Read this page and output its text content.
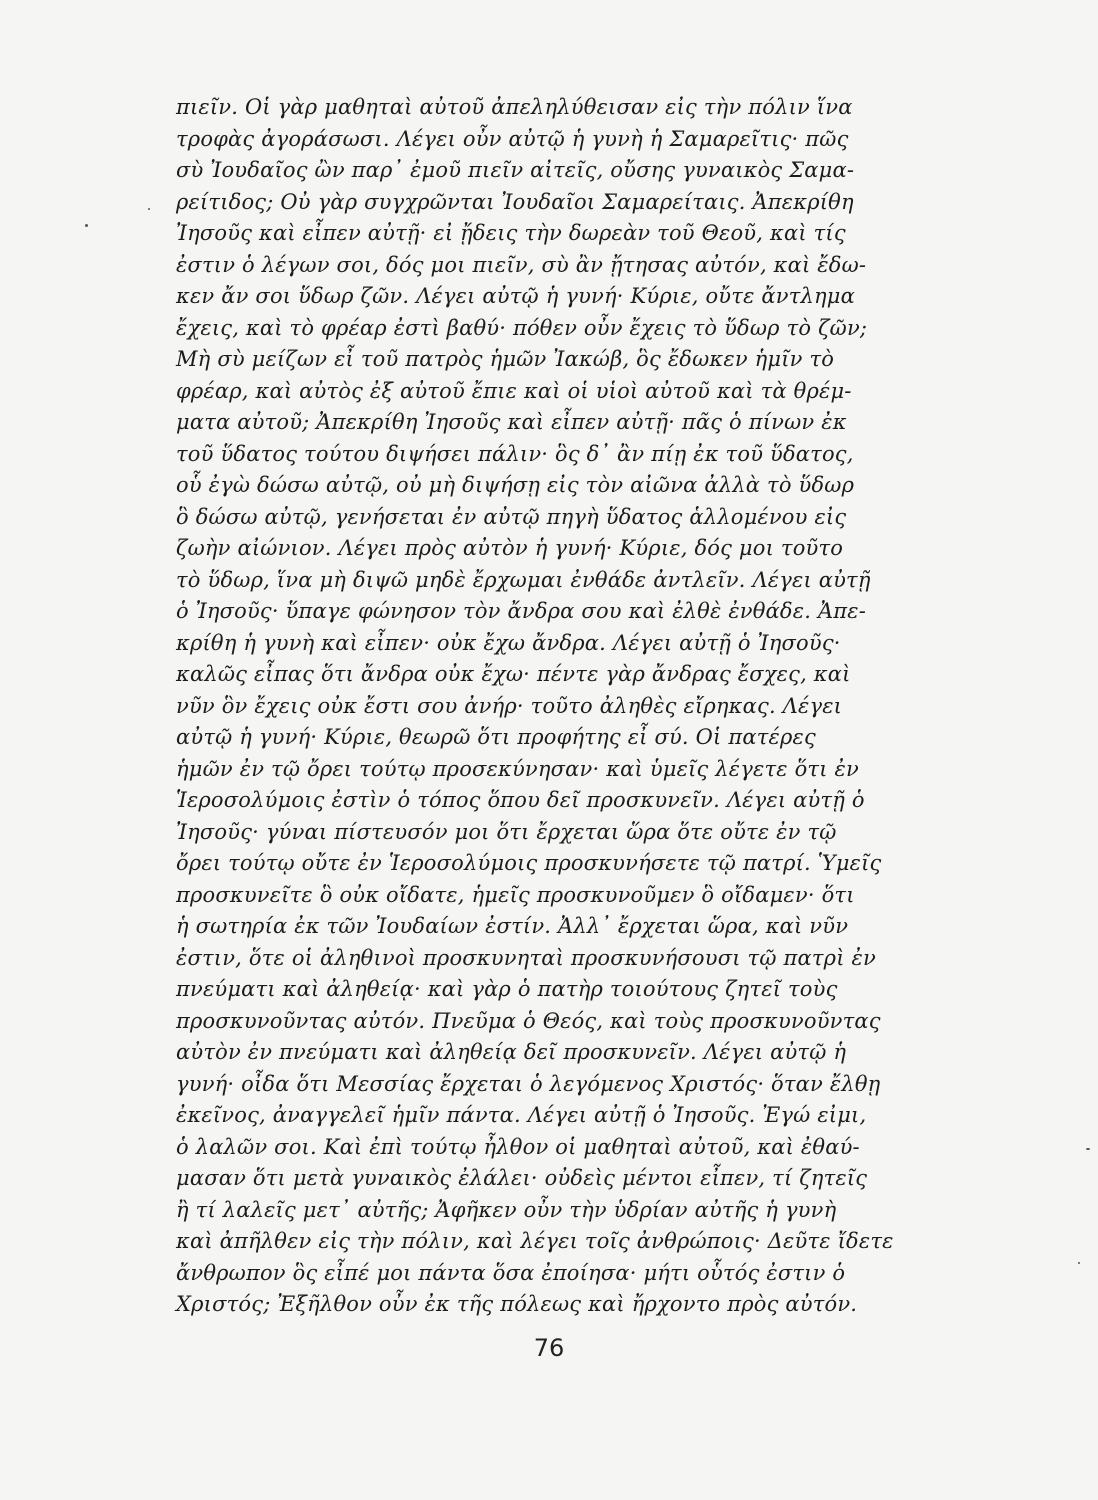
πιεῖν. Οἱ γὰρ μαθηταὶ αὐτοῦ ἀπεληλύθεισαν εἰς τὴν πόλιν ἵνα
τροφὰς ἀγοράσωσι. Λέγει οὖν αὐτῷ ἡ γυνὴ ἡ Σαμαρεῖτις· πῶς
σὺ Ἰουδαῖος ὢν παρ᾽ ἐμοῦ πιεῖν αἰτεῖς, οὔσης γυναικὸς Σαμα-
ρείτιδος; Οὐ γὰρ συγχρῶνται Ἰουδαῖοι Σαμαρείταις. Ἀπεκρίθη
Ἰησοῦς καὶ εἶπεν αὐτῇ· εἰ ᾔδεις τὴν δωρεὰν τοῦ Θεοῦ, καὶ τίς
ἐστιν ὁ λέγων σοι, δός μοι πιεῖν, σὺ ἂν ᾔτησας αὐτόν, καὶ ἔδω-
κεν ἄν σοι ὕδωρ ζῶν. Λέγει αὐτῷ ἡ γυνή· Κύριε, οὔτε ἄντλημα
ἔχεις, καὶ τὸ φρέαρ ἐστὶ βαθύ· πόθεν οὖν ἔχεις τὸ ὕδωρ τὸ ζῶν;
Μὴ σὺ μείζων εἶ τοῦ πατρὸς ἡμῶν Ἰακώβ, ὃς ἔδωκεν ἡμῖν τὸ
φρέαρ, καὶ αὐτὸς ἐξ αὐτοῦ ἔπιε καὶ οἱ υἱοὶ αὐτοῦ καὶ τὰ θρέμ-
ματα αὐτοῦ; Ἀπεκρίθη Ἰησοῦς καὶ εἶπεν αὐτῇ· πᾶς ὁ πίνων ἐκ
τοῦ ὕδατος τούτου διψήσει πάλιν· ὃς δ᾽ ἂν πίῃ ἐκ τοῦ ὕδατος,
οὗ ἐγὼ δώσω αὐτῷ, οὐ μὴ διψήσῃ εἰς τὸν αἰῶνα ἀλλὰ τὸ ὕδωρ
ὃ δώσω αὐτῷ, γενήσεται ἐν αὐτῷ πηγὴ ὕδατος ἁλλομένου εἰς
ζωὴν αἰώνιον. Λέγει πρὸς αὐτὸν ἡ γυνή· Κύριε, δός μοι τοῦτο
τὸ ὕδωρ, ἵνα μὴ διψῶ μηδὲ ἔρχωμαι ἐνθάδε ἀντλεῖν. Λέγει αὐτῇ
ὁ Ἰησοῦς· ὕπαγε φώνησον τὸν ἄνδρα σου καὶ ἐλθὲ ἐνθάδε. Ἀπε-
κρίθη ἡ γυνὴ καὶ εἶπεν· οὐκ ἔχω ἄνδρα. Λέγει αὐτῇ ὁ Ἰησοῦς·
καλῶς εἶπας ὅτι ἄνδρα οὐκ ἔχω· πέντε γὰρ ἄνδρας ἔσχες, καὶ
νῦν ὃν ἔχεις οὐκ ἔστι σου ἀνήρ· τοῦτο ἀληθὲς εἴρηκας. Λέγει
αὐτῷ ἡ γυνή· Κύριε, θεωρῶ ὅτι προφήτης εἶ σύ. Οἱ πατέρες
ἡμῶν ἐν τῷ ὄρει τούτῳ προσεκύνησαν· καὶ ὑμεῖς λέγετε ὅτι ἐν
Ἱεροσολύμοις ἐστὶν ὁ τόπος ὅπου δεῖ προσκυνεῖν. Λέγει αὐτῇ ὁ
Ἰησοῦς· γύναι πίστευσόν μοι ὅτι ἔρχεται ὥρα ὅτε οὔτε ἐν τῷ
ὄρει τούτῳ οὔτε ἐν Ἱεροσολύμοις προσκυνήσετε τῷ πατρί. Ὑμεῖς
προσκυνεῖτε ὃ οὐκ οἴδατε, ἡμεῖς προσκυνοῦμεν ὃ οἴδαμεν· ὅτι
ἡ σωτηρία ἐκ τῶν Ἰουδαίων ἐστίν. Ἀλλ᾽ ἔρχεται ὥρα, καὶ νῦν
ἐστιν, ὅτε οἱ ἀληθινοὶ προσκυνηταὶ προσκυνήσουσι τῷ πατρὶ ἐν
πνεύματι καὶ ἀληθείᾳ· καὶ γὰρ ὁ πατὴρ τοιούτους ζητεῖ τοὺς
προσκυνοῦντας αὐτόν. Πνεῦμα ὁ Θεός, καὶ τοὺς προσκυνοῦντας
αὐτὸν ἐν πνεύματι καὶ ἀληθείᾳ δεῖ προσκυνεῖν. Λέγει αὐτῷ ἡ
γυνή· οἶδα ὅτι Μεσσίας ἔρχεται ὁ λεγόμενος Χριστός· ὅταν ἔλθῃ
ἐκεῖνος, ἀναγγελεῖ ἡμῖν πάντα. Λέγει αὐτῇ ὁ Ἰησοῦς. Ἐγώ εἰμι,
ὁ λαλῶν σοι. Καὶ ἐπὶ τούτῳ ἦλθον οἱ μαθηταὶ αὐτοῦ, καὶ ἐθαύ-
μασαν ὅτι μετὰ γυναικὸς ἐλάλει· οὐδεὶς μέντοι εἶπεν, τί ζητεῖς
ἢ τί λαλεῖς μετ᾽ αὐτῆς; Ἀφῆκεν οὖν τὴν ὑδρίαν αὐτῆς ἡ γυνὴ
καὶ ἀπῆλθεν εἰς τὴν πόλιν, καὶ λέγει τοῖς ἀνθρώποις· Δεῦτε ἴδετε
ἄνθρωπον ὃς εἶπέ μοι πάντα ὅσα ἐποίησα· μήτι οὗτός ἐστιν ὁ
Χριστός; Ἐξῆλθον οὖν ἐκ τῆς πόλεως καὶ ἤρχοντο πρὸς αὐτόν.
76
